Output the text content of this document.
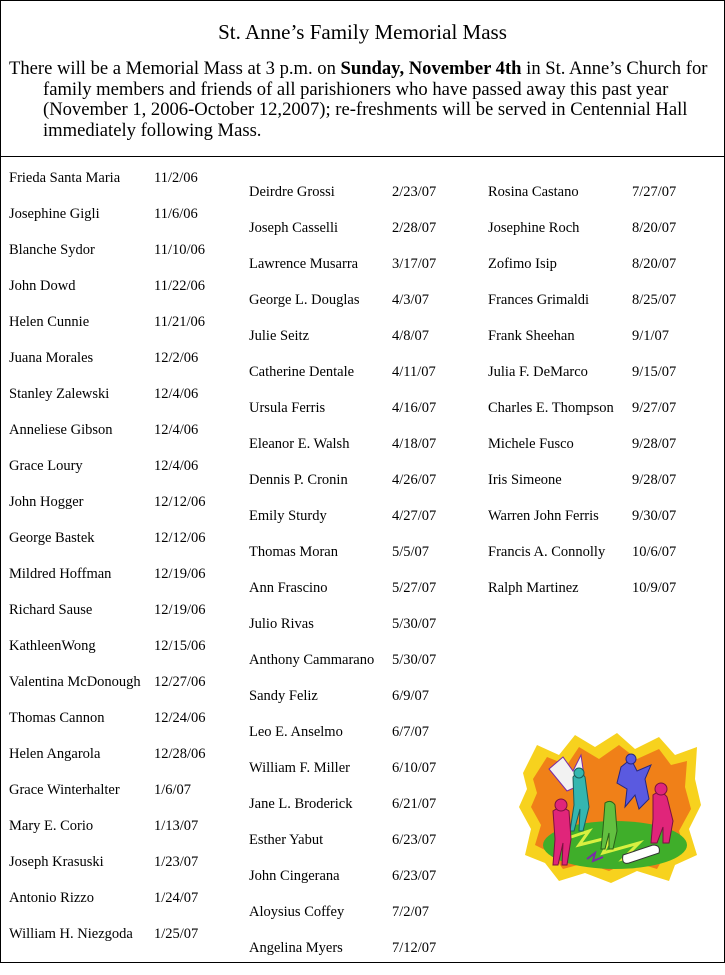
St. Anne’s Family Memorial Mass
There will be a Memorial Mass at 3 p.m. on Sunday, November 4th in St. Anne’s Church for family members and friends of all parishioners who have passed away this past year (November 1, 2006-October 12,2007); re-freshments will be served in Centennial Hall immediately following Mass.
Frieda Santa Maria 11/2/06
Josephine Gigli	11/6/06
Blanche Sydor	11/10/06
John Dowd	11/22/06
Helen Cunnie	11/21/06
Juana Morales	12/2/06
Stanley Zalewski	12/4/06
Anneliese Gibson	12/4/06
Grace Loury	12/4/06
John Hogger	12/12/06
George Bastek	12/12/06
Mildred Hoffman	12/19/06
Richard Sause	12/19/06
KathleenWong	12/15/06
Valentina McDonough 12/27/06
Thomas Cannon	12/24/06
Helen Angarola	12/28/06
Grace Winterhalter 1/6/07
Mary E. Corio	1/13/07
Joseph Krasuski	1/23/07
Antonio Rizzo	1/24/07
William H. Niezgoda 1/25/07
Deirdre Grossi	2/23/07
Joseph Casselli	2/28/07
Lawrence Musarra 3/17/07
George L. Douglas 4/3/07
Julie Seitz	4/8/07
Catherine Dentale	4/11/07
Ursula Ferris	4/16/07
Eleanor E. Walsh	4/18/07
Dennis P. Cronin	4/26/07
Emily Sturdy	4/27/07
Thomas Moran	5/5/07
Ann Frascino	5/27/07
Julio Rivas	5/30/07
Anthony Cammarano 5/30/07
Sandy Feliz	6/9/07
Leo E. Anselmo	6/7/07
William F. Miller	6/10/07
Jane L. Broderick	6/21/07
Esther Yabut	6/23/07
John Cingerana	6/23/07
Aloysius Coffey	7/2/07
Angelina Myers	7/12/07
Rosina Castano	7/27/07
Josephine Roch	8/20/07
Zofimo Isip	8/20/07
Frances Grimaldi	8/25/07
Frank Sheehan	9/1/07
Julia F. DeMarco	9/15/07
Charles E. Thompson 9/27/07
Michele Fusco	9/28/07
Iris Simeone	9/28/07
Warren John Ferris 9/30/07
Francis A. Connolly 10/6/07
Ralph Martinez	10/9/07
